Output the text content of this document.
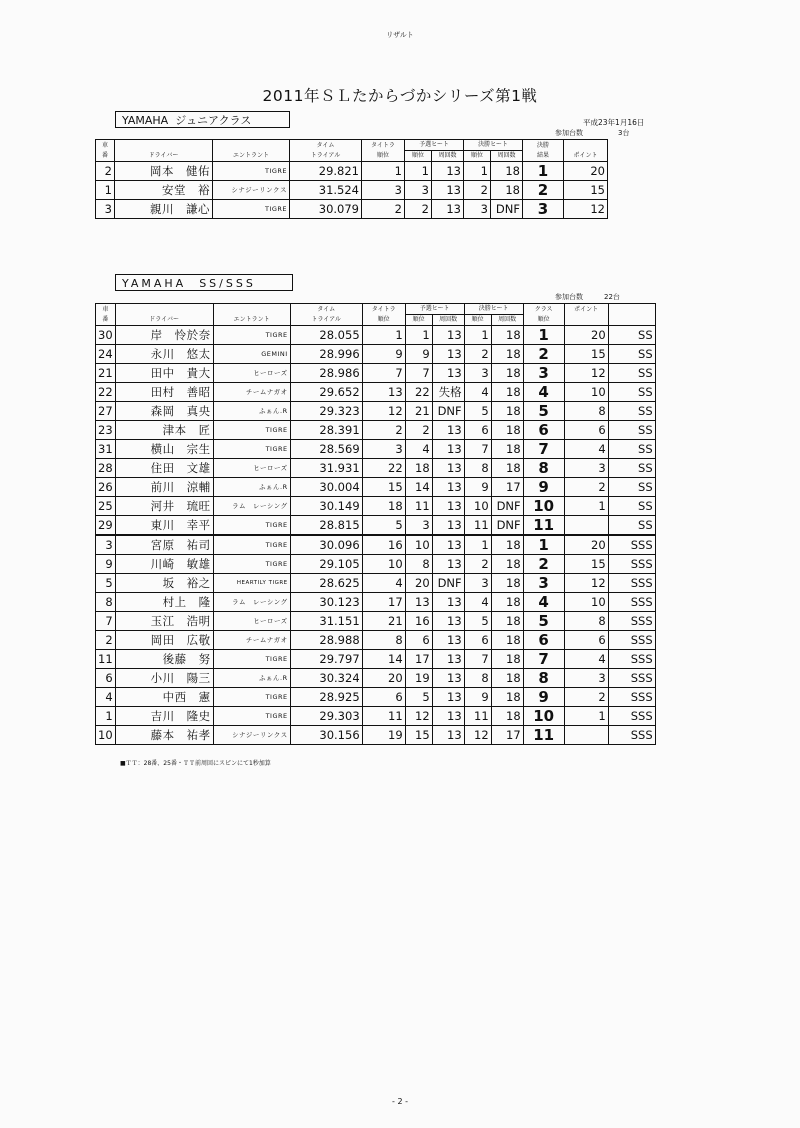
リザルト
2011年ＳＬたからづかシリーズ第1戦
YAMAHA  ジュニアクラス	平成23年1月16日
参加台数	3台
車			タイム	タイトラ	予選ヒート		決勝ヒート		決勝	
番	ドライバー	エントラント	トライアル	順位	順位	周回数	順位	周回数	結果	ポイント
2	岡本　健佑	TIGRE	29.821	1	1	13	1	18	1	20
1	安堂　裕	シナジーリンクス	31.524	3	3	13	2	18	2	15
3	親川　謙心	TIGRE	30.079	2	2	13	3	DNF	3	12
YAMAHA  SS/SSS
参加台数	22台
車			タイム	タイトラ	予選ヒート		決勝ヒート		クラス	ポイント	
番	ドライバー	エントラント	トライアル	順位	順位	周回数	順位	周回数	順位		
30	岸　怜於奈	TIGRE	28.055	1	1	13	1	18	1	20	SS
24	永川　悠太	GEMINI	28.996	9	9	13	2	18	2	15	SS
21	田中　貴大	ヒーローズ	28.986	7	7	13	3	18	3	12	SS
22	田村　善昭	チームナガオ	29.652	13	22	失格	4	18	4	10	SS
27	森岡　真央	ふぁん.R	29.323	12	21	DNF	5	18	5	8	SS
23	津本　匠	TIGRE	28.391	2	2	13	6	18	6	6	SS
31	横山　宗生	TIGRE	28.569	3	4	13	7	18	7	4	SS
28	住田　文雄	ヒーローズ	31.931	22	18	13	8	18	8	3	SS
26	前川　涼輔	ふぁん.R	30.004	15	14	13	9	17	9	2	SS
25	河井　琉旺	ラム　レーシング	30.149	18	11	13	10	DNF	10	1	SS
29	東川　幸平	TIGRE	28.815	5	3	13	11	DNF	11		SS
3	宮原　祐司	TIGRE	30.096	16	10	13	1	18	1	20	SSS
9	川崎　敏雄	TIGRE	29.105	10	8	13	2	18	2	15	SSS
5	坂　裕之	HEARTILY TIGRE	28.625	4	20	DNF	3	18	3	12	SSS
8	村上　隆	ラム　レーシング	30.123	17	13	13	4	18	4	10	SSS
7	玉江　浩明	ヒーローズ	31.151	21	16	13	5	18	5	8	SSS
2	岡田　広敬	チームナガオ	28.988	8	6	13	6	18	6	6	SSS
11	後藤　努	TIGRE	29.797	14	17	13	7	18	7	4	SSS
6	小川　陽三	ふぁん.R	30.324	20	19	13	8	18	8	3	SSS
4	中西　憲	TIGRE	28.925	6	5	13	9	18	9	2	SSS
1	吉川　隆史	TIGRE	29.303	11	12	13	11	18	10	1	SSS
10	藤本　祐孝	シナジーリンクス	30.156	19	15	13	12	17	11		SSS
■ＴＴ：28番、25番・ＴＴ前周回にスピンにて1秒加算
- 2 -
